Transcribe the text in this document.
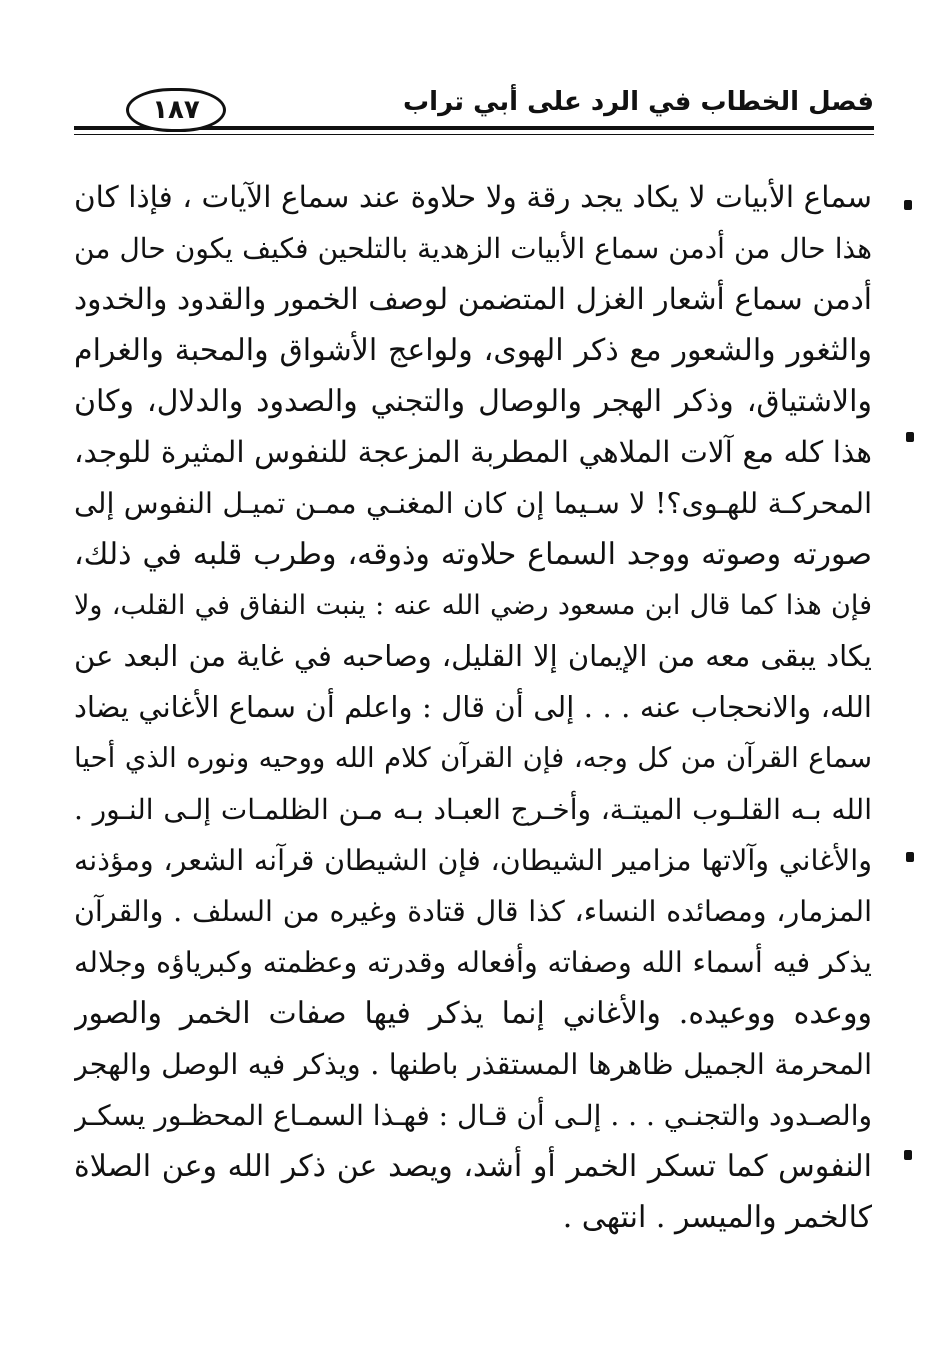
فصل الخطاب في الرد على أبي تراب
١٨٧
سماع الأبيات لا يكاد يجد رقة ولا حلاوة عند سماع الآيات ، فإذا كان
هذا حال من أدمن سماع الأبيات الزهدية بالتلحين فكيف يكون حال من
أدمن سماع أشعار الغزل المتضمن لوصف الخمور والقدود والخدود
والثغور والشعور مع ذكر الهوى، ولواعج الأشواق والمحبة والغرام
والاشتياق، وذكر الهجر والوصال والتجني والصدود والدلال، وكان
هذا كله مع آلات الملاهي المطربة المزعجة للنفوس المثيرة للوجد،
المحركـة للهـوى؟! لا سـيما إن كان المغنـي ممـن تميـل النفوس إلى
صورته وصوته ووجد السماع حلاوته وذوقه، وطرب قلبه في ذلك،
فإن هذا كما قال ابن مسعود رضي الله عنه : ينبت النفاق في القلب، ولا
يكاد يبقى معه من الإيمان إلا القليل، وصاحبه في غاية من البعد عن
الله، والانحجاب عنه . . . إلى أن قال : واعلم أن سماع الأغاني يضاد
سماع القرآن من كل وجه، فإن القرآن كلام الله ووحيه ونوره الذي أحيا
الله بـه القلـوب الميتـة، وأخـرج العبـاد بـه مـن الظلمـات إلـى النـور .
والأغاني وآلاتها مزامير الشيطان، فإن الشيطان قرآنه الشعر، ومؤذنه
المزمار، ومصائده النساء، كذا قال قتادة وغيره من السلف . والقرآن
يذكر فيه أسماء الله وصفاته وأفعاله وقدرته وعظمته وكبرياؤه وجلاله
ووعده ووعيده. والأغاني إنما يذكر فيها صفات الخمر والصور
المحرمة الجميل ظاهرها المستقذر باطنها . ويذكر فيه الوصل والهجر
والصـدود والتجنـي . . . إلـى أن قـال : فهـذا السمـاع المحظـور يسكـر
النفوس كما تسكر الخمر أو أشد، ويصد عن ذكر الله وعن الصلاة
كالخمر والميسر . انتهى .
